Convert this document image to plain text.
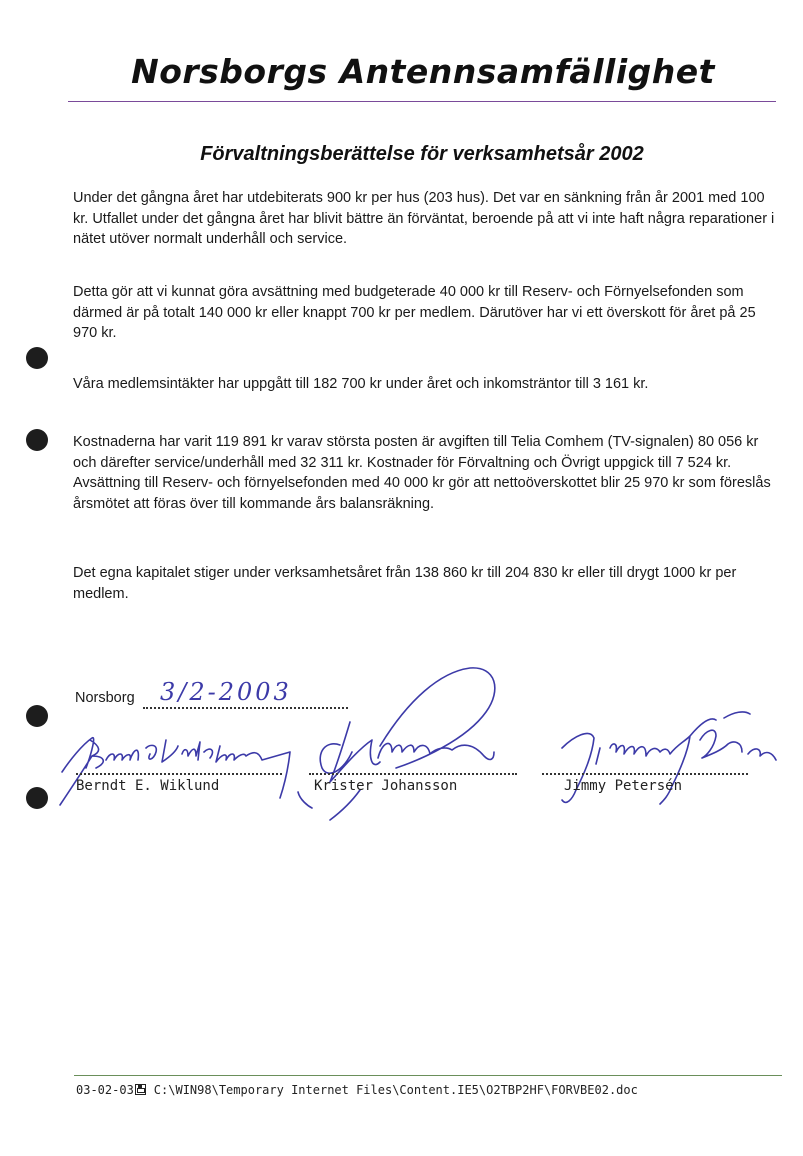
Norsborgs Antennsamfällighet
Förvaltningsberättelse för verksamhetsår 2002

Under det gångna året har utdebiterats 900 kr per hus (203 hus). Det var en sänkning från år 2001 med 100 kr. Utfallet under det gångna året har blivit bättre än förväntat, beroende på att vi inte haft några reparationer i nätet utöver normalt underhåll och service.

Detta gör att vi kunnat göra avsättning med budgeterade 40 000 kr till Reserv- och Förnyelsefonden som därmed är på totalt 140 000 kr eller knappt 700 kr per medlem. Därutöver har vi ett överskott för året på 25 970 kr.

Våra medlemsintäkter har uppgått till 182 700 kr under året och inkomsträntor till 3 161 kr.

Kostnaderna har varit 119 891 kr varav största posten är avgiften till Telia Comhem (TV-signalen) 80 056 kr och därefter service/underhåll med 32 311 kr. Kostnader för Förvaltning och Övrigt uppgick till 7 524 kr. Avsättning till Reserv- och förnyelsefonden med 40 000 kr gör att nettoöverskottet blir 25 970 kr som föreslås årsmötet att föras över till kommande års balansräkning.

Det egna kapitalet stiger under verksamhetsåret från 138 860 kr till 204 830 kr eller till drygt 1000 kr per medlem.

Norsborg 3/2-2003
Berndt E. Wiklund	Krister Johansson	Jimmy Petersén
03-02-03 C:\WIN98\Temporary Internet Files\Content.IE5\O2TBP2HF\FORVBE02.doc
